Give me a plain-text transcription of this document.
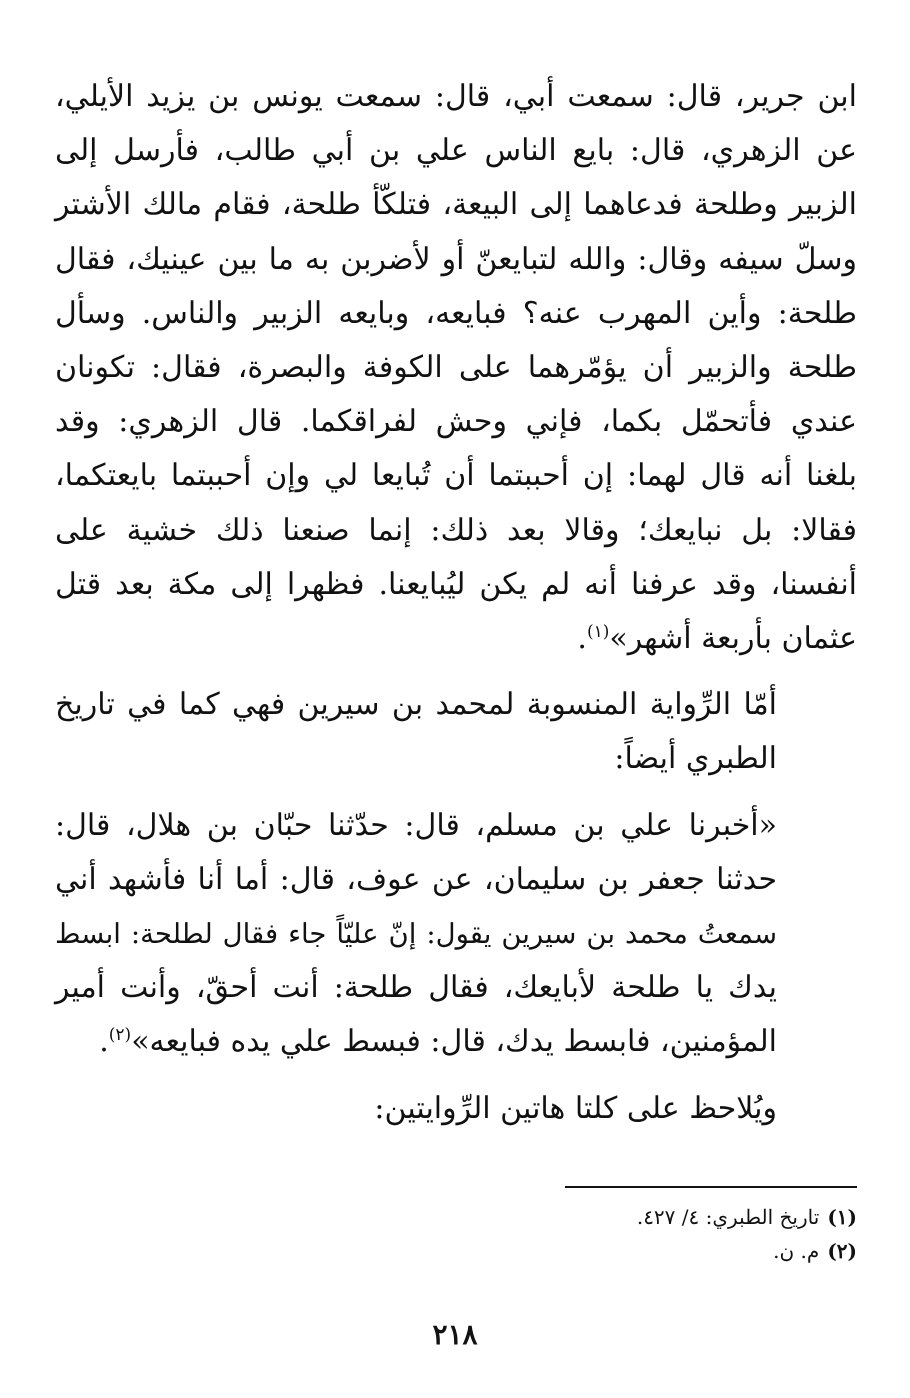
ابن جرير، قال: سمعت أبي، قال: سمعت يونس بن يزيد الأيلي،
عن الزهري، قال: بايع الناس علي بن أبي طالب، فأرسل إلى
الزبير وطلحة فدعاهما إلى البيعة، فتلكّأ طلحة، فقام مالك الأشتر
وسلّ سيفه وقال: والله لتبايعنّ أو لأضربن به ما بين عينيك، فقال
طلحة: وأين المهرب عنه؟ فبايعه، وبايعه الزبير والناس. وسأل
طلحة والزبير أن يؤمّرهما على الكوفة والبصرة، فقال: تكونان
عندي فأتحمّل بكما، فإني وحش لفراقكما. قال الزهري: وقد
بلغنا أنه قال لهما: إن أحببتما أن تُبايعا لي وإن أحببتما بايعتكما،
فقالا: بل نبايعك؛ وقالا بعد ذلك: إنما صنعنا ذلك خشية على
أنفسنا، وقد عرفنا أنه لم يكن ليُبايعنا. فظهرا إلى مكة بعد قتل
عثمان بأربعة أشهر»$^{(١)}$.

أمّا الرِّواية المنسوبة لمحمد بن سيرين فهي كما في تاريخ
الطبري أيضاً:

«أخبرنا علي بن مسلم، قال: حدّثنا حبّان بن هلال، قال:
حدثنا جعفر بن سليمان، عن عوف، قال: أما أنا فأشهد أني
سمعتُ محمد بن سيرين يقول: إنّ عليّاً جاء فقال لطلحة: ابسط
يدك يا طلحة لأبايعك، فقال طلحة: أنت أحقّ، وأنت أمير
المؤمنين، فابسط يدك، قال: فبسط علي يده فبايعه»$^{(٢)}$.

ويُلاحظ على كلتا هاتين الرِّوايتين:

(١)تاريخ الطبري: ٤/ ٤٢٧.
(٢)م. ن.
٢١٨
